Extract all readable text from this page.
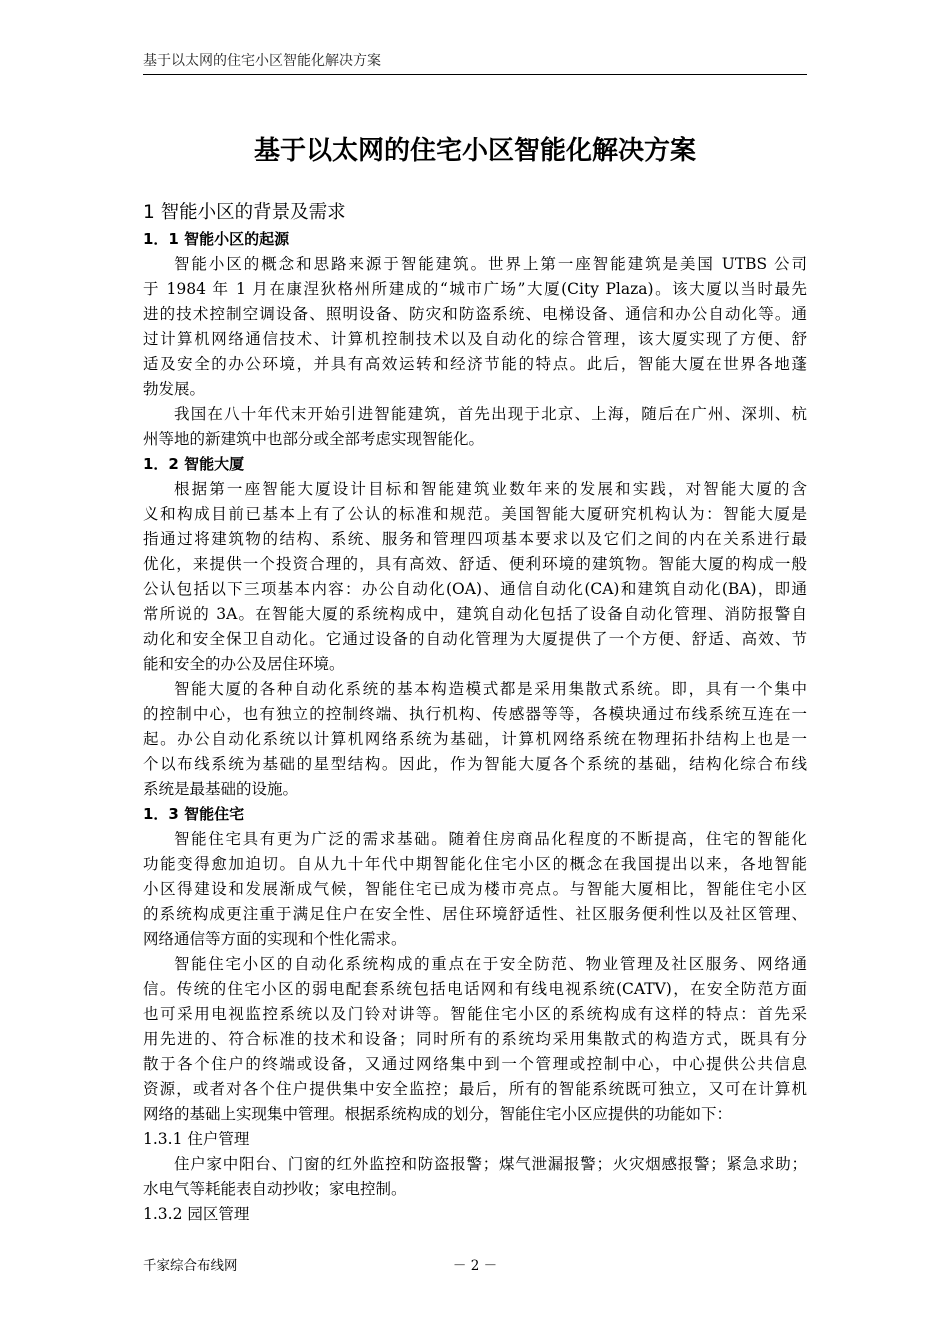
基于以太网的住宅小区智能化解决方案
基于以太网的住宅小区智能化解决方案
1 智能小区的背景及需求
1．1 智能小区的起源
智能小区的概念和思路来源于智能建筑。世界上第一座智能建筑是美国 UTBS 公司
于 1984 年 1 月在康涅狄格州所建成的“城市广场”大厦(City Plaza)。该大厦以当时最先
进的技术控制空调设备、照明设备、防灾和防盗系统、电梯设备、通信和办公自动化等。通
过计算机网络通信技术、计算机控制技术以及自动化的综合管理，该大厦实现了方便、舒
适及安全的办公环境，并具有高效运转和经济节能的特点。此后，智能大厦在世界各地蓬
勃发展。
我国在八十年代末开始引进智能建筑，首先出现于北京、上海，随后在广州、深圳、杭
州等地的新建筑中也部分或全部考虑实现智能化。
1．2 智能大厦
根据第一座智能大厦设计目标和智能建筑业数年来的发展和实践，对智能大厦的含
义和构成目前已基本上有了公认的标准和规范。美国智能大厦研究机构认为：智能大厦是
指通过将建筑物的结构、系统、服务和管理四项基本要求以及它们之间的内在关系进行最
优化，来提供一个投资合理的，具有高效、舒适、便利环境的建筑物。智能大厦的构成一般
公认包括以下三项基本内容：办公自动化(OA)、通信自动化(CA)和建筑自动化(BA)，即通
常所说的 3A。在智能大厦的系统构成中，建筑自动化包括了设备自动化管理、消防报警自
动化和安全保卫自动化。它通过设备的自动化管理为大厦提供了一个方便、舒适、高效、节
能和安全的办公及居住环境。
智能大厦的各种自动化系统的基本构造模式都是采用集散式系统。即，具有一个集中
的控制中心，也有独立的控制终端、执行机构、传感器等等，各模块通过布线系统互连在一
起。办公自动化系统以计算机网络系统为基础，计算机网络系统在物理拓扑结构上也是一
个以布线系统为基础的星型结构。因此，作为智能大厦各个系统的基础，结构化综合布线
系统是最基础的设施。
1．3 智能住宅
智能住宅具有更为广泛的需求基础。随着住房商品化程度的不断提高，住宅的智能化
功能变得愈加迫切。自从九十年代中期智能化住宅小区的概念在我国提出以来，各地智能
小区得建设和发展渐成气候，智能住宅已成为楼市亮点。与智能大厦相比，智能住宅小区
的系统构成更注重于满足住户在安全性、居住环境舒适性、社区服务便利性以及社区管理、
网络通信等方面的实现和个性化需求。
智能住宅小区的自动化系统构成的重点在于安全防范、物业管理及社区服务、网络通
信。传统的住宅小区的弱电配套系统包括电话网和有线电视系统(CATV)，在安全防范方面
也可采用电视监控系统以及门铃对讲等。智能住宅小区的系统构成有这样的特点：首先采
用先进的、符合标准的技术和设备；同时所有的系统均采用集散式的构造方式，既具有分
散于各个住户的终端或设备，又通过网络集中到一个管理或控制中心，中心提供公共信息
资源，或者对各个住户提供集中安全监控；最后，所有的智能系统既可独立，又可在计算机
网络的基础上实现集中管理。根据系统构成的划分，智能住宅小区应提供的功能如下：
1.3.1 住户管理
住户家中阳台、门窗的红外监控和防盗报警；煤气泄漏报警；火灾烟感报警；紧急求助；
水电气等耗能表自动抄收；家电控制。
1.3.2 园区管理
千家综合布线网	－ 2 －
